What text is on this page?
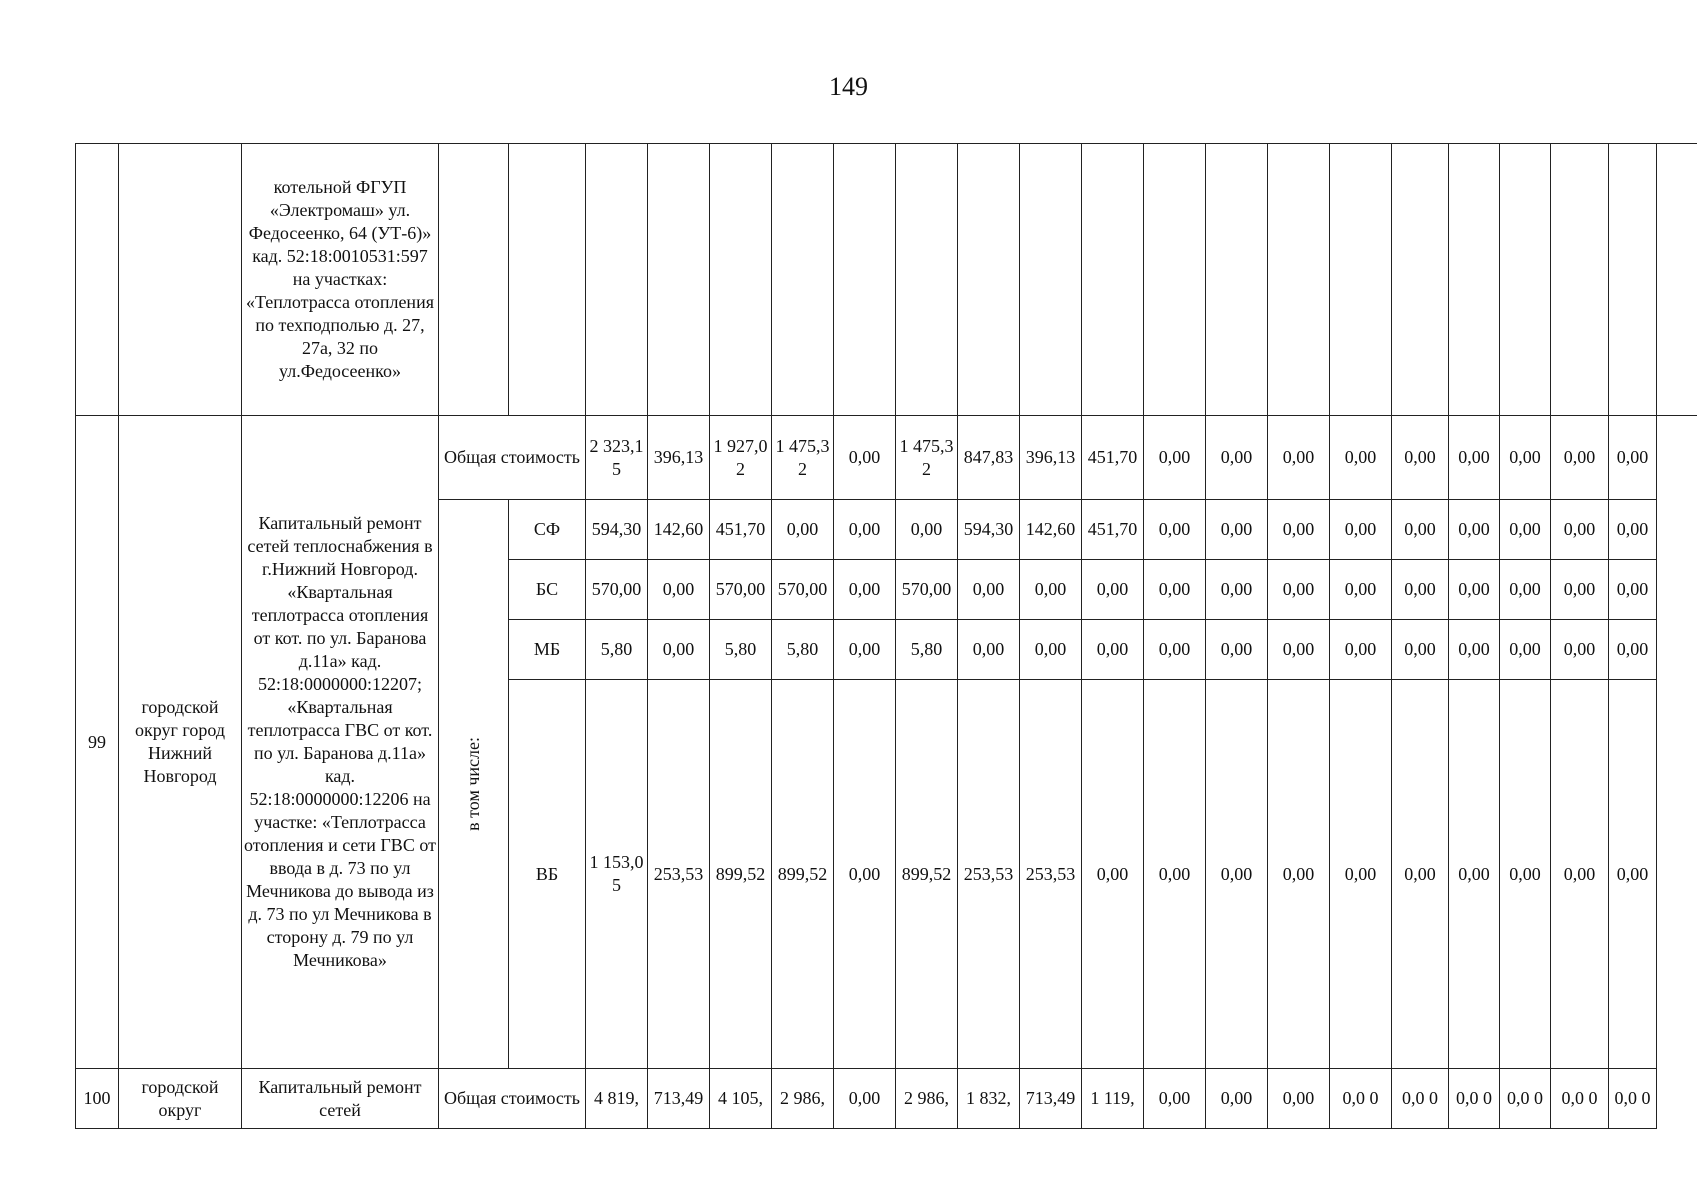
149
		котельной ФГУП «Электромаш» ул. Федосеенко, 64 (УТ-6)» кад. 52:18:0010531:597 на участках: «Теплотрасса отопления по техподполью д. 27, 27а, 32 по ул.Федосеенко»																					
99	городской округ город Нижний Новгород	Капитальный ремонт сетей теплоснабжения в г.Нижний Новгород. «Квартальная теплотрасса отопления от кот. по ул. Баранова д.11а» кад. 52:18:0000000:12207; «Квартальная теплотрасса ГВС от кот. по ул. Баранова д.11а» кад. 52:18:0000000:12206 на участке: «Теплотрасса отопления и сети ГВС от ввода в д. 73 по ул Мечникова до вывода из д. 73 по ул Мечникова в сторону д. 79 по ул Мечникова»	Общая стоимость		2 323,15	396,13	1 927,02	1 475,32	0,00	1 475,32	847,83	396,13	451,70	0,00	0,00	0,00	0,00	0,00	0,00	0,00	0,00	0,00	

			в том числе:	СФ	594,30	142,60	451,70	0,00	0,00	0,00	594,30	142,60	451,70	0,00	0,00	0,00	0,00	0,00	0,00	0,00	0,00	0,00	
				БС	570,00	0,00	570,00	570,00	0,00	570,00	0,00	0,00	0,00	0,00	0,00	0,00	0,00	0,00	0,00	0,00	0,00	0,00	
				МБ	5,80	0,00	5,80	5,80	0,00	5,80	0,00	0,00	0,00	0,00	0,00	0,00	0,00	0,00	0,00	0,00	0,00	0,00	
				ВБ	1 153,05	253,53	899,52	899,52	0,00	899,52	253,53	253,53	0,00	0,00	0,00	0,00	0,00	0,00	0,00	0,00	0,00	0,00	
100	городской округ	Капитальный ремонт сетей	Общая стоимость		4 819,	713,49	4 105,	2 986,	0,00	2 986,	1 832,	713,49	1 119,	0,00	0,00	0,00	0,0 0	0,0 0	0,0 0	0,0 0	0,0 0	0,0 0	
